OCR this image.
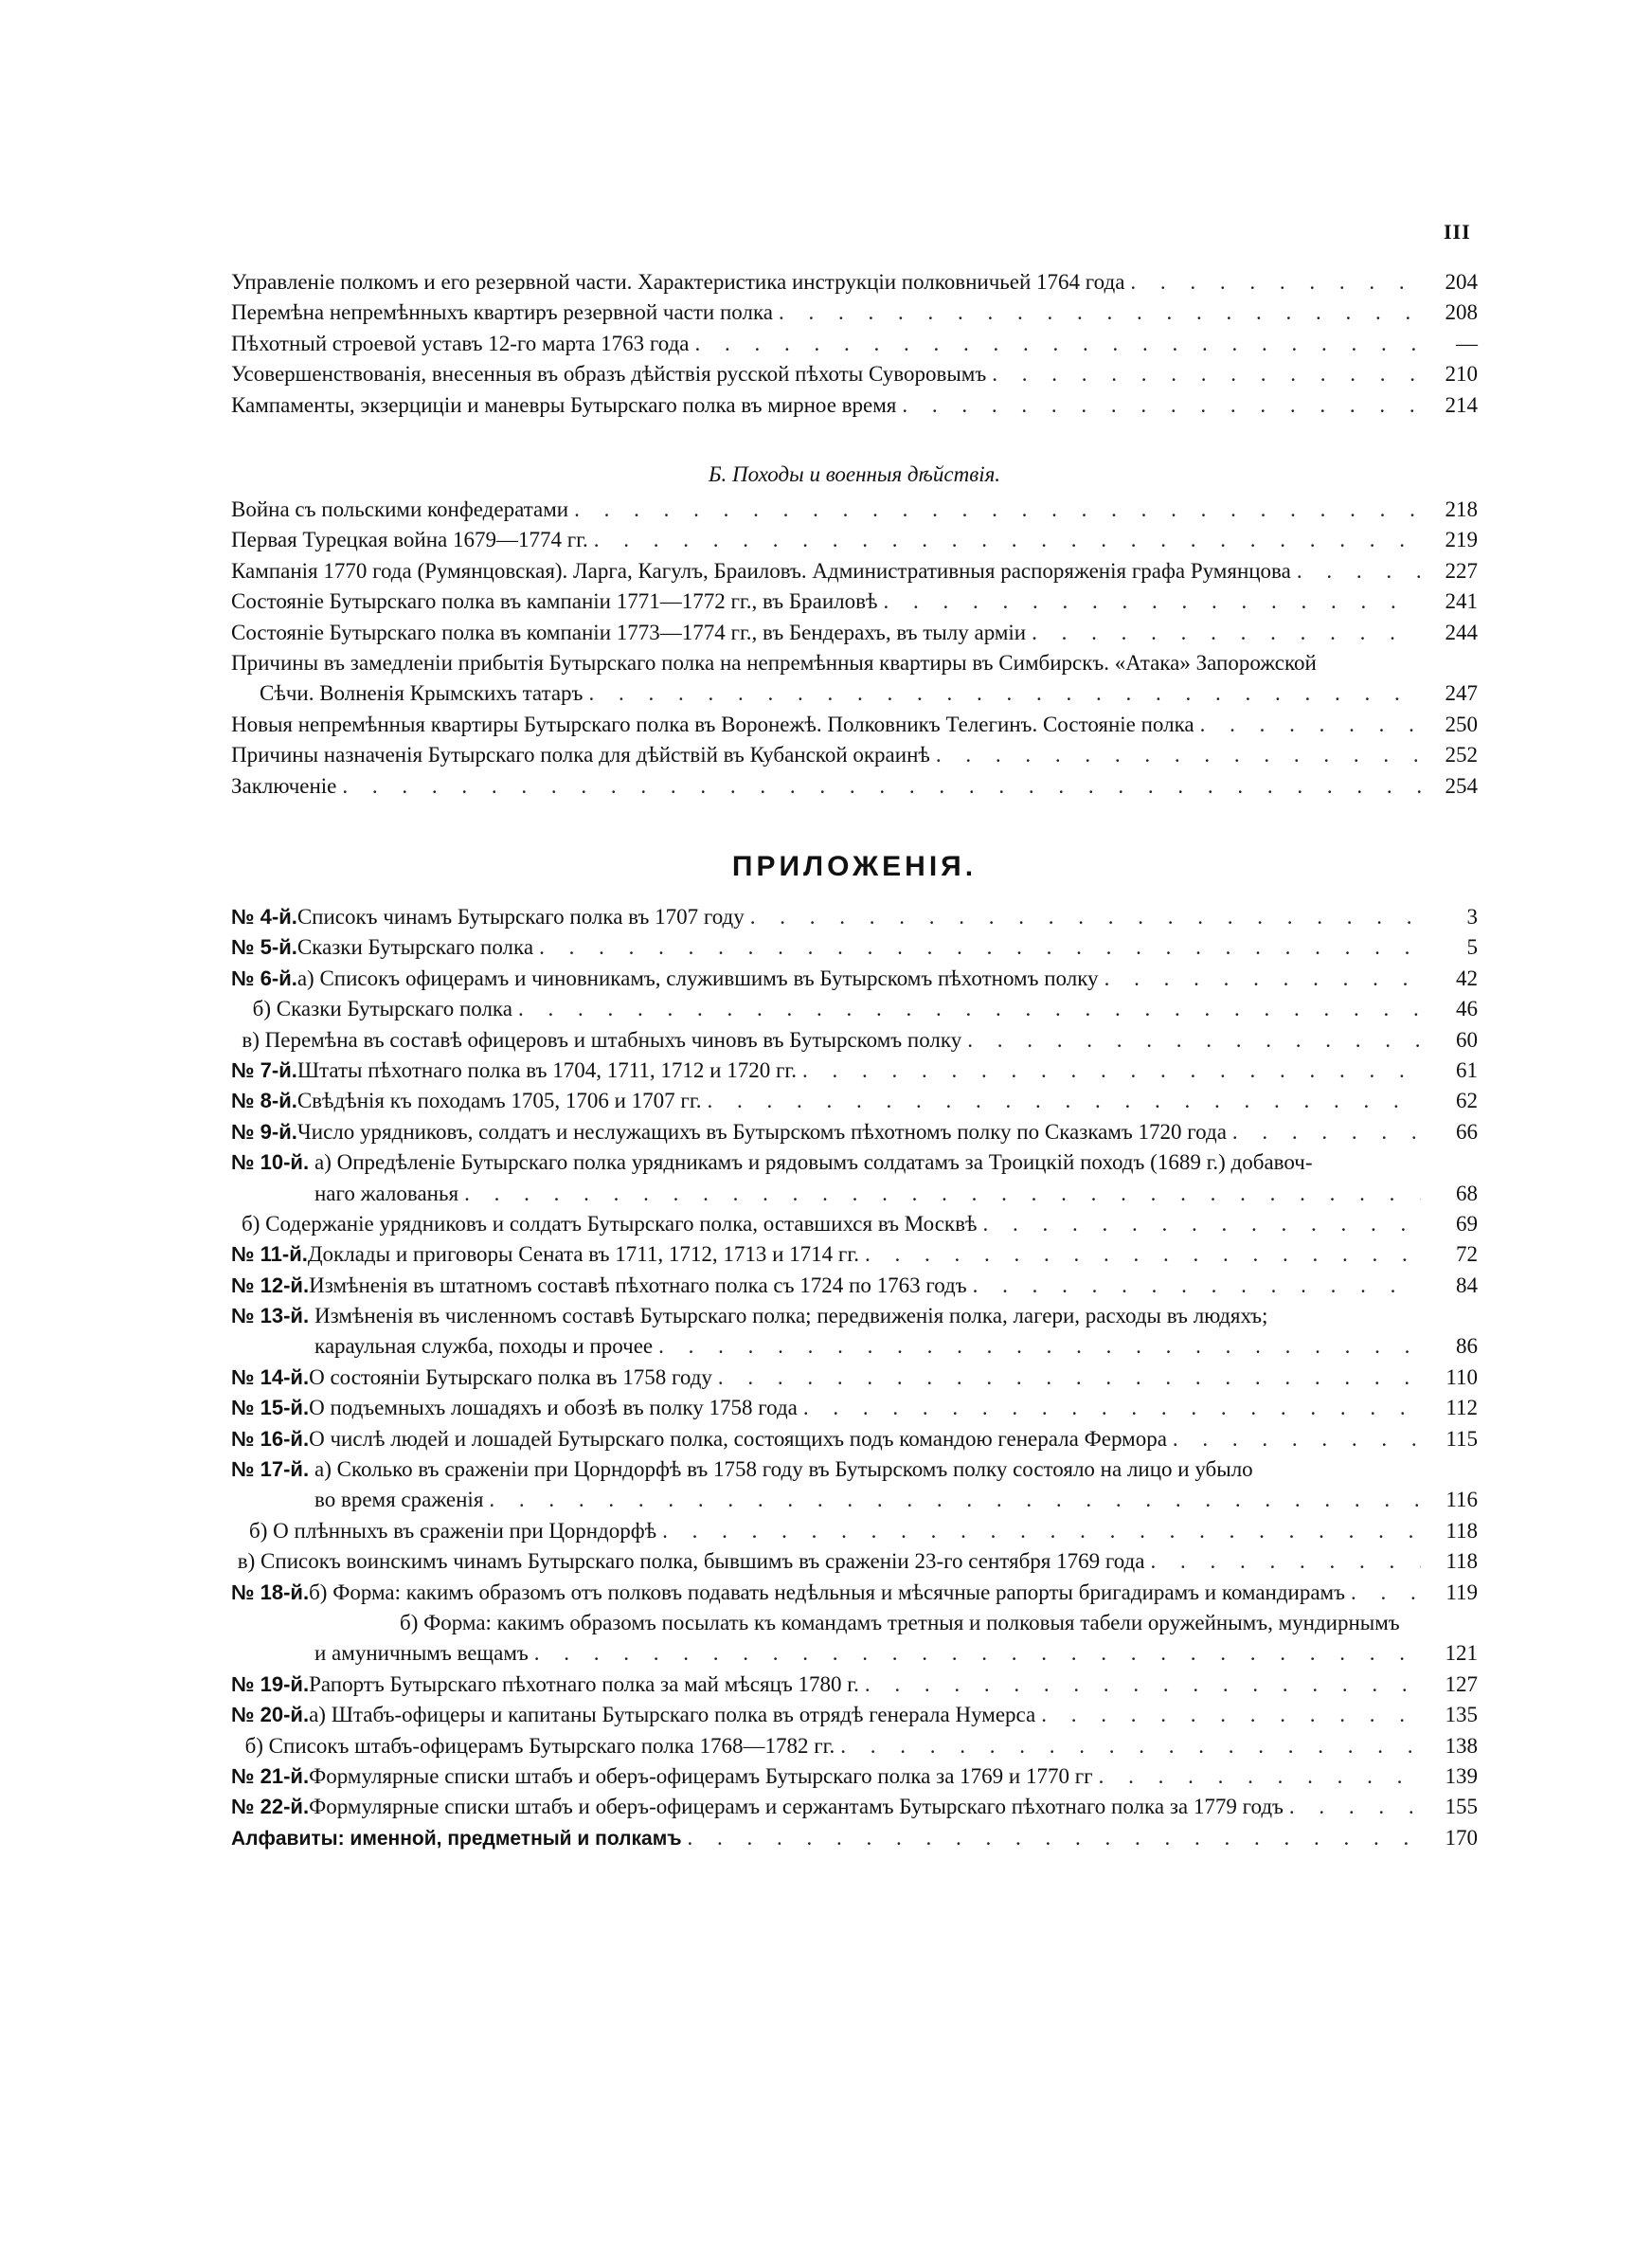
III
Управленіе полкомъ и его резервной части. Характеристика инструкціи полковничьей 1764 года . . .	204
Перемѣна непремѣнныхъ квартиръ резервной части полка . . .	208
Пѣхотный строевой уставъ 12-го марта 1763 года . . .	—
Усовершенствованія, внесенныя въ образъ дѣйствія русской пѣхоты Суворовымъ . . .	210
Кампаменты, экзерциціи и маневры Бутырскаго полка въ мирное время . . .	214
Б. Походы и военныя дѣйствія.
Война съ польскими конфедератами . . .	218
Первая Турецкая война 1679—1774 гг. . . .	219
Кампанія 1770 года (Румянцовская). Ларга, Кагулъ, Браиловъ. Административныя распоряженія графа Румянцова . . .	227
Состояніе Бутырскаго полка въ кампаніи 1771—1772 гг., въ Браиловѣ . . .	241
Состояніе Бутырскаго полка въ компаніи 1773—1774 гг., въ Бендерахъ, въ тылу арміи . . .	244
Причины въ замедленіи прибытія Бутырскаго полка на непремѣнныя квартиры въ Симбирскъ. «Атака» Запорожской
Сѣчи. Волненія Крымскихъ татаръ . . .	247
Новыя непремѣнныя квартиры Бутырскаго полка въ Воронежѣ. Полковникъ Телегинъ. Состояніе полка . . .	250
Причины назначенія Бутырскаго полка для дѣйствій въ Кубанской окраинѣ . . .	252
Заключеніе . . .	254
ПРИЛОЖЕНІЯ.
№ 4-й. Списокъ чинамъ Бутырскаго полка въ 1707 году . . .	3
№ 5-й. Сказки Бутырскаго полка . . .	5
№ 6-й. а) Списокъ офицерамъ и чиновникамъ, служившимъ въ Бутырскомъ пѣхотномъ полку . . .	42
б) Сказки Бутырскаго полка . . .	46
в) Перемѣна въ составѣ офицеровъ и штабныхъ чиновъ въ Бутырскомъ полку . . .	60
№ 7-й. Штаты пѣхотнаго полка въ 1704, 1711, 1712 и 1720 гг. . . .	61
№ 8-й. Свѣдѣнія къ походамъ 1705, 1706 и 1707 гг. . . .	62
№ 9-й. Число урядниковъ, солдатъ и неслужащихъ въ Бутырскомъ пѣхотномъ полку по Сказкамъ 1720 года . . .	66
№ 10-й. а) Опредѣленіе Бутырскаго полка урядникамъ и рядовымъ солдатамъ за Троицкій походъ (1689 г.) добавоч-
наго жалованья . . .	68
б) Содержаніе урядниковъ и солдатъ Бутырскаго полка, оставшихся въ Москвѣ . . .	69
№ 11-й. Доклады и приговоры Сената въ 1711, 1712, 1713 и 1714 гг. . . .	72
№ 12-й. Измѣненія въ штатномъ составѣ пѣхотнаго полка съ 1724 по 1763 годъ . . .	84
№ 13-й. Измѣненія въ численномъ составѣ Бутырскаго полка; передвиженія полка, лагери, расходы въ людяхъ;
караульная служба, походы и прочее . . .	86
№ 14-й. О состояніи Бутырскаго полка въ 1758 году . . .	110
№ 15-й. О подъемныхъ лошадяхъ и обозѣ въ полку 1758 года . . .	112
№ 16-й. О числѣ людей и лошадей Бутырскаго полка, состоящихъ подъ командою генерала Фермора . . .	115
№ 17-й. а) Сколько въ сраженіи при Цорндорфѣ въ 1758 году въ Бутырскомъ полку состояло на лицо и убыло
во время сраженія . . .	116
б) О плѣнныхъ въ сраженіи при Цорндорфѣ . . .	118
в) Списокъ воинскимъ чинамъ Бутырскаго полка, бывшимъ въ сраженіи 23-го сентября 1769 года . . .	118
№ 18-й. б) Форма: какимъ образомъ отъ полковъ подавать недѣльныя и мѣсячные рапорты бригадирамъ и командирамъ . . .	119
б) Форма: какимъ образомъ посылать къ командамъ третныя и полковыя табели оружейнымъ, мундирнымъ
и амуничнымъ вещамъ . . .	121
№ 19-й. Рапортъ Бутырскаго пѣхотнаго полка за май мѣсяцъ 1780 г. . . .	127
№ 20-й. а) Штабъ-офицеры и капитаны Бутырскаго полка въ отрядѣ генерала Нумерса . . .	135
б) Списокъ штабъ-офицерамъ Бутырскаго полка 1768—1782 гг. . . .	138
№ 21-й. Формулярные списки штабъ и оберъ-офицерамъ Бутырскаго полка за 1769 и 1770 гг . . .	139
№ 22-й. Формулярные списки штабъ и оберъ-офицерамъ и сержантамъ Бутырскаго пѣхотнаго полка за 1779 годъ . . .	155
Алфавиты: именной, предметный и полкамъ . . .	170
